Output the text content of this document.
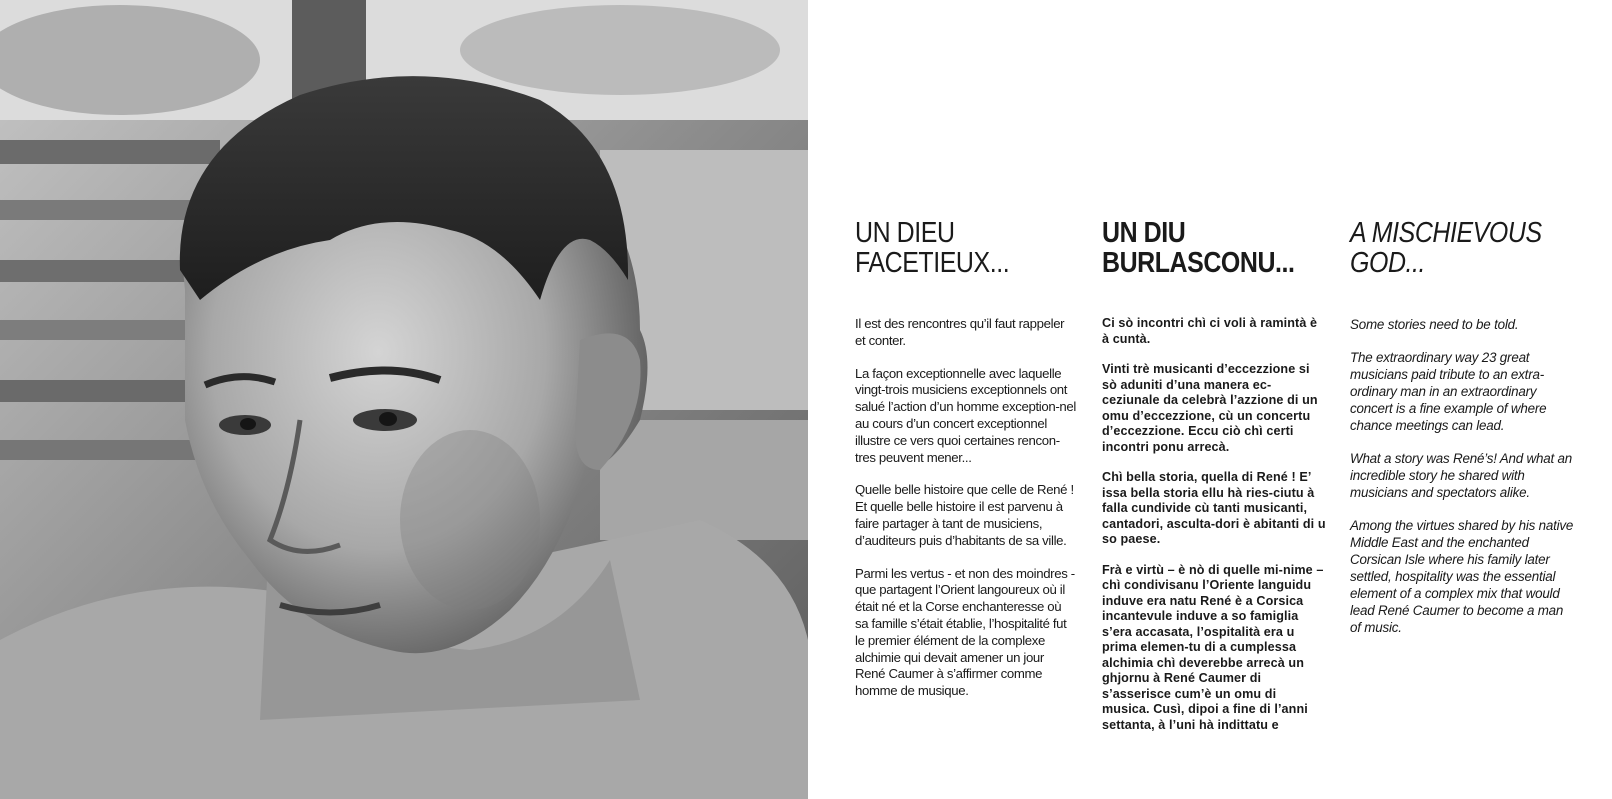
UN DIEU
FACETIEUX...

Il est des rencontres qu’il faut rappeler et conter.

La façon exceptionnelle avec laquelle vingt-trois musiciens exceptionnels ont salué l’action d’un homme exception-nel au cours d’un concert exceptionnel illustre ce vers quoi certaines rencon-tres peuvent mener...

Quelle belle histoire que celle de René ! Et quelle belle histoire il est parvenu à faire partager à tant de musiciens, d’auditeurs puis d’habitants de sa ville.

Parmi les vertus - et non des moindres - que partagent l’Orient langoureux où il était né et la Corse enchanteresse où sa famille s’était établie, l’hospitalité fut le premier élément de la complexe alchimie qui devait amener un jour René Caumer à s’affirmer comme homme de musique.

UN DIU
BURLASCONU...

Ci sò incontri chì ci voli à ramintà è à cuntà.

Vinti trè musicanti d’eccezzione si sò aduniti d’una manera ec-ceziunale da celebrà l’azzione di un omu d’eccezzione, cù un concertu d’eccezzione. Eccu ciò chì certi incontri ponu arrecà.

Chì bella storia, quella di René ! E’ issa bella storia ellu hà ries-ciutu à falla cundivide cù tanti musicanti, cantadori, asculta-dori è abitanti di u so paese.

Frà e virtù – è nò di quelle mi-nime – chì condivisanu l’Oriente languidu induve era natu René è a Corsica incantevule induve a so famiglia s’era accasata, l’ospitalità era u prima elemen-tu di a cumplessa alchimia chì deverebbe arrecà un ghjornu à René Caumer di s’asserisce cum’è un omu di musica. Cusì, dipoi a fine di l’anni settanta, à l’uni hà indittatu e

A MISCHIEVOUS
GOD...

Some stories need to be told.

The extraordinary way 23 great musicians paid tribute to an extra-ordinary man in an extraordinary concert is a fine example of where chance meetings can lead.

What a story was René’s! And what an incredible story he shared with musicians and spectators alike.

Among the virtues shared by his native Middle East and the enchanted Corsican Isle where his family later settled, hospitality was the essential element of a complex mix that would lead René Caumer to become a man of music.
